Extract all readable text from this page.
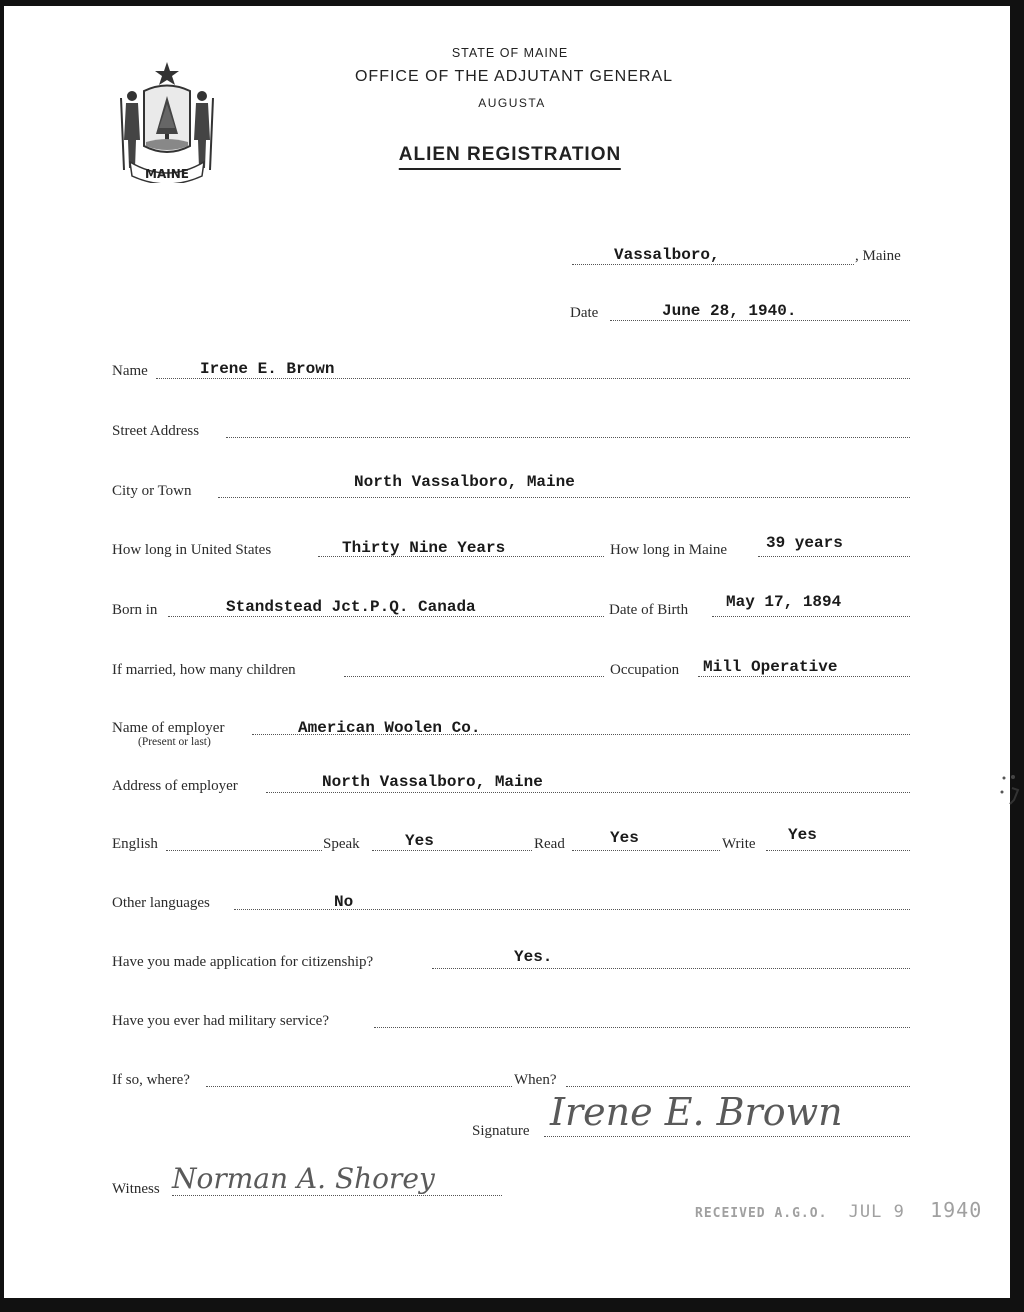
MAINE
STATE OF MAINE
OFFICE OF THE ADJUTANT GENERAL
AUGUSTA
ALIEN REGISTRATION
Vassalboro,	, Maine
Date	June 28, 1940.
Name	Irene E. Brown
Street Address
City or Town	North Vassalboro, Maine
How long in United States	Thirty Nine Years	How long in Maine 39 years
Born in	Standstead Jct.P.Q. Canada	Date of Birth May 17, 1894
If married, how many children	Occupation Mill Operative
Name of employer
(Present or last)
American Woolen Co.
Address of employer	North Vassalboro, Maine
English	Speak	Yes	Read	Yes	Write Yes
Other languages	No
Have you made application for citizenship?	Yes.
Have you ever had military service?
If so, where?	When?
Signature Irene E. Brown
Witness Norman A. Shorey
RECEIVED A.G.O. JUL 9 1940
